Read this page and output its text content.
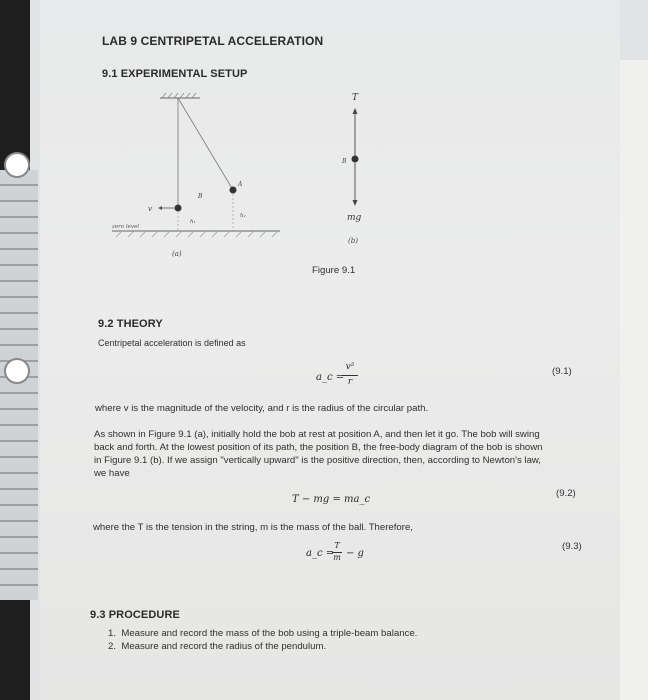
LAB 9 CENTRIPETAL ACCELERATION
9.1 EXPERIMENTAL SETUP
v
A
B
h₁
h₂
zero level
(a)
T
B
mg
(b)
Figure 9.1
9.2 THEORY
Centripetal acceleration is defined as
a_c =
v²
r
(9.1)
where v is the magnitude of the velocity, and r is the radius of the circular path.
As shown in Figure 9.1 (a), initially hold the bob at rest at position A, and then let it go. The bob will swing
back and forth. At the lowest position of its path, the position B, the free-body diagram of the bob is shown
in Figure 9.1 (b). If we assign "vertically upward" is the positive direction, then, according to Newton's law,
we have
T − mg = ma_c
(9.2)
where the T is the tension in the string, m is the mass of the ball. Therefore,
a_c =
T
m − g
(9.3)
9.3 PROCEDURE
1.  Measure and record the mass of the bob using a triple-beam balance.
2.  Measure and record the radius of the pendulum.
